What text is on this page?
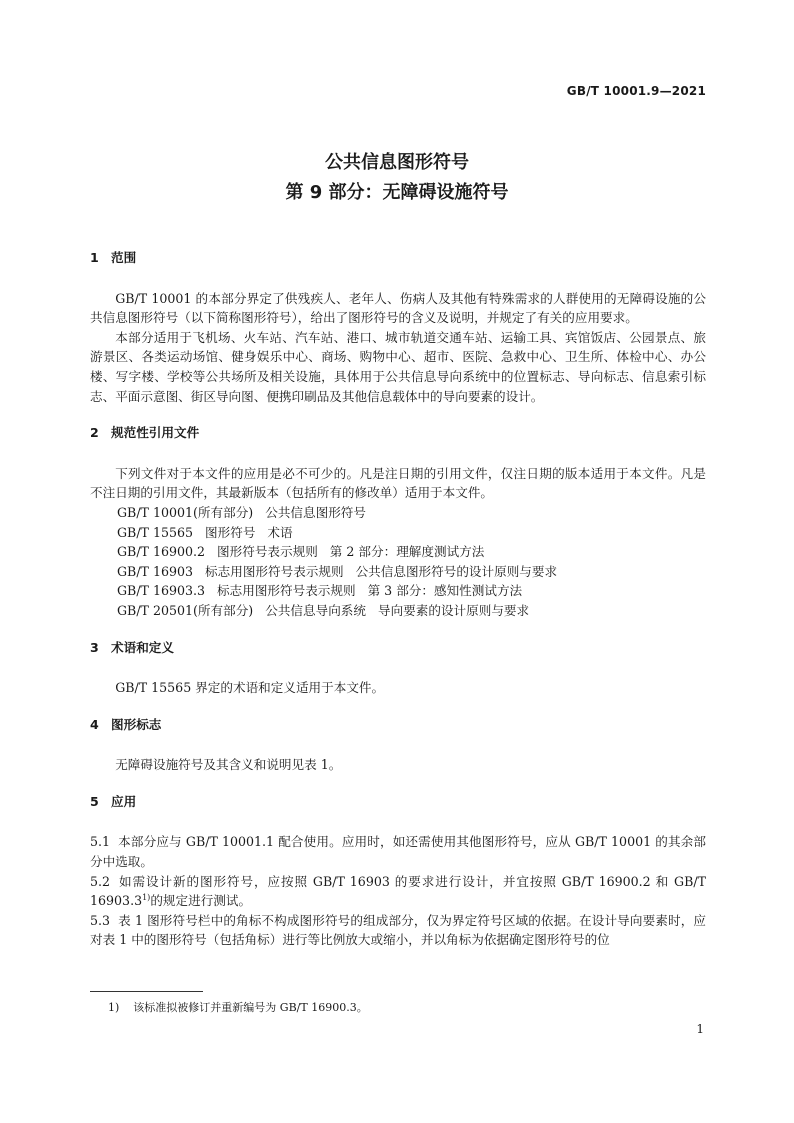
GB/T 10001.9—2021
公共信息图形符号
第 9 部分：无障碍设施符号
1 范围
GB/T 10001 的本部分界定了供残疾人、老年人、伤病人及其他有特殊需求的人群使用的无障碍设施的公共信息图形符号（以下简称图形符号），给出了图形符号的含义及说明，并规定了有关的应用要求。
本部分适用于飞机场、火车站、汽车站、港口、城市轨道交通车站、运输工具、宾馆饭店、公园景点、旅游景区、各类运动场馆、健身娱乐中心、商场、购物中心、超市、医院、急救中心、卫生所、体检中心、办公楼、写字楼、学校等公共场所及相关设施，具体用于公共信息导向系统中的位置标志、导向标志、信息索引标志、平面示意图、街区导向图、便携印刷品及其他信息载体中的导向要素的设计。
2 规范性引用文件
下列文件对于本文件的应用是必不可少的。凡是注日期的引用文件，仅注日期的版本适用于本文件。凡是不注日期的引用文件，其最新版本（包括所有的修改单）适用于本文件。
GB/T 10001(所有部分)   公共信息图形符号
GB/T 15565   图形符号   术语
GB/T 16900.2   图形符号表示规则   第 2 部分：理解度测试方法
GB/T 16903   标志用图形符号表示规则   公共信息图形符号的设计原则与要求
GB/T 16903.3   标志用图形符号表示规则   第 3 部分：感知性测试方法
GB/T 20501(所有部分)   公共信息导向系统   导向要素的设计原则与要求
3 术语和定义
GB/T 15565 界定的术语和定义适用于本文件。
4 图形标志
无障碍设施符号及其含义和说明见表 1。
5 应用
5.1 本部分应与 GB/T 10001.1 配合使用。应用时，如还需使用其他图形符号，应从 GB/T 10001 的其余部分中选取。
5.2 如需设计新的图形符号，应按照 GB/T 16903 的要求进行设计，并宜按照 GB/T 16900.2 和 GB/T 16903.3$^{1)}$的规定进行测试。
5.3 表 1 图形符号栏中的角标不构成图形符号的组成部分，仅为界定符号区域的依据。在设计导向要素时，应对表 1 中的图形符号（包括角标）进行等比例放大或缩小，并以角标为依据确定图形符号的位
1) 该标准拟被修订并重新编号为 GB/T 16900.3。
1
